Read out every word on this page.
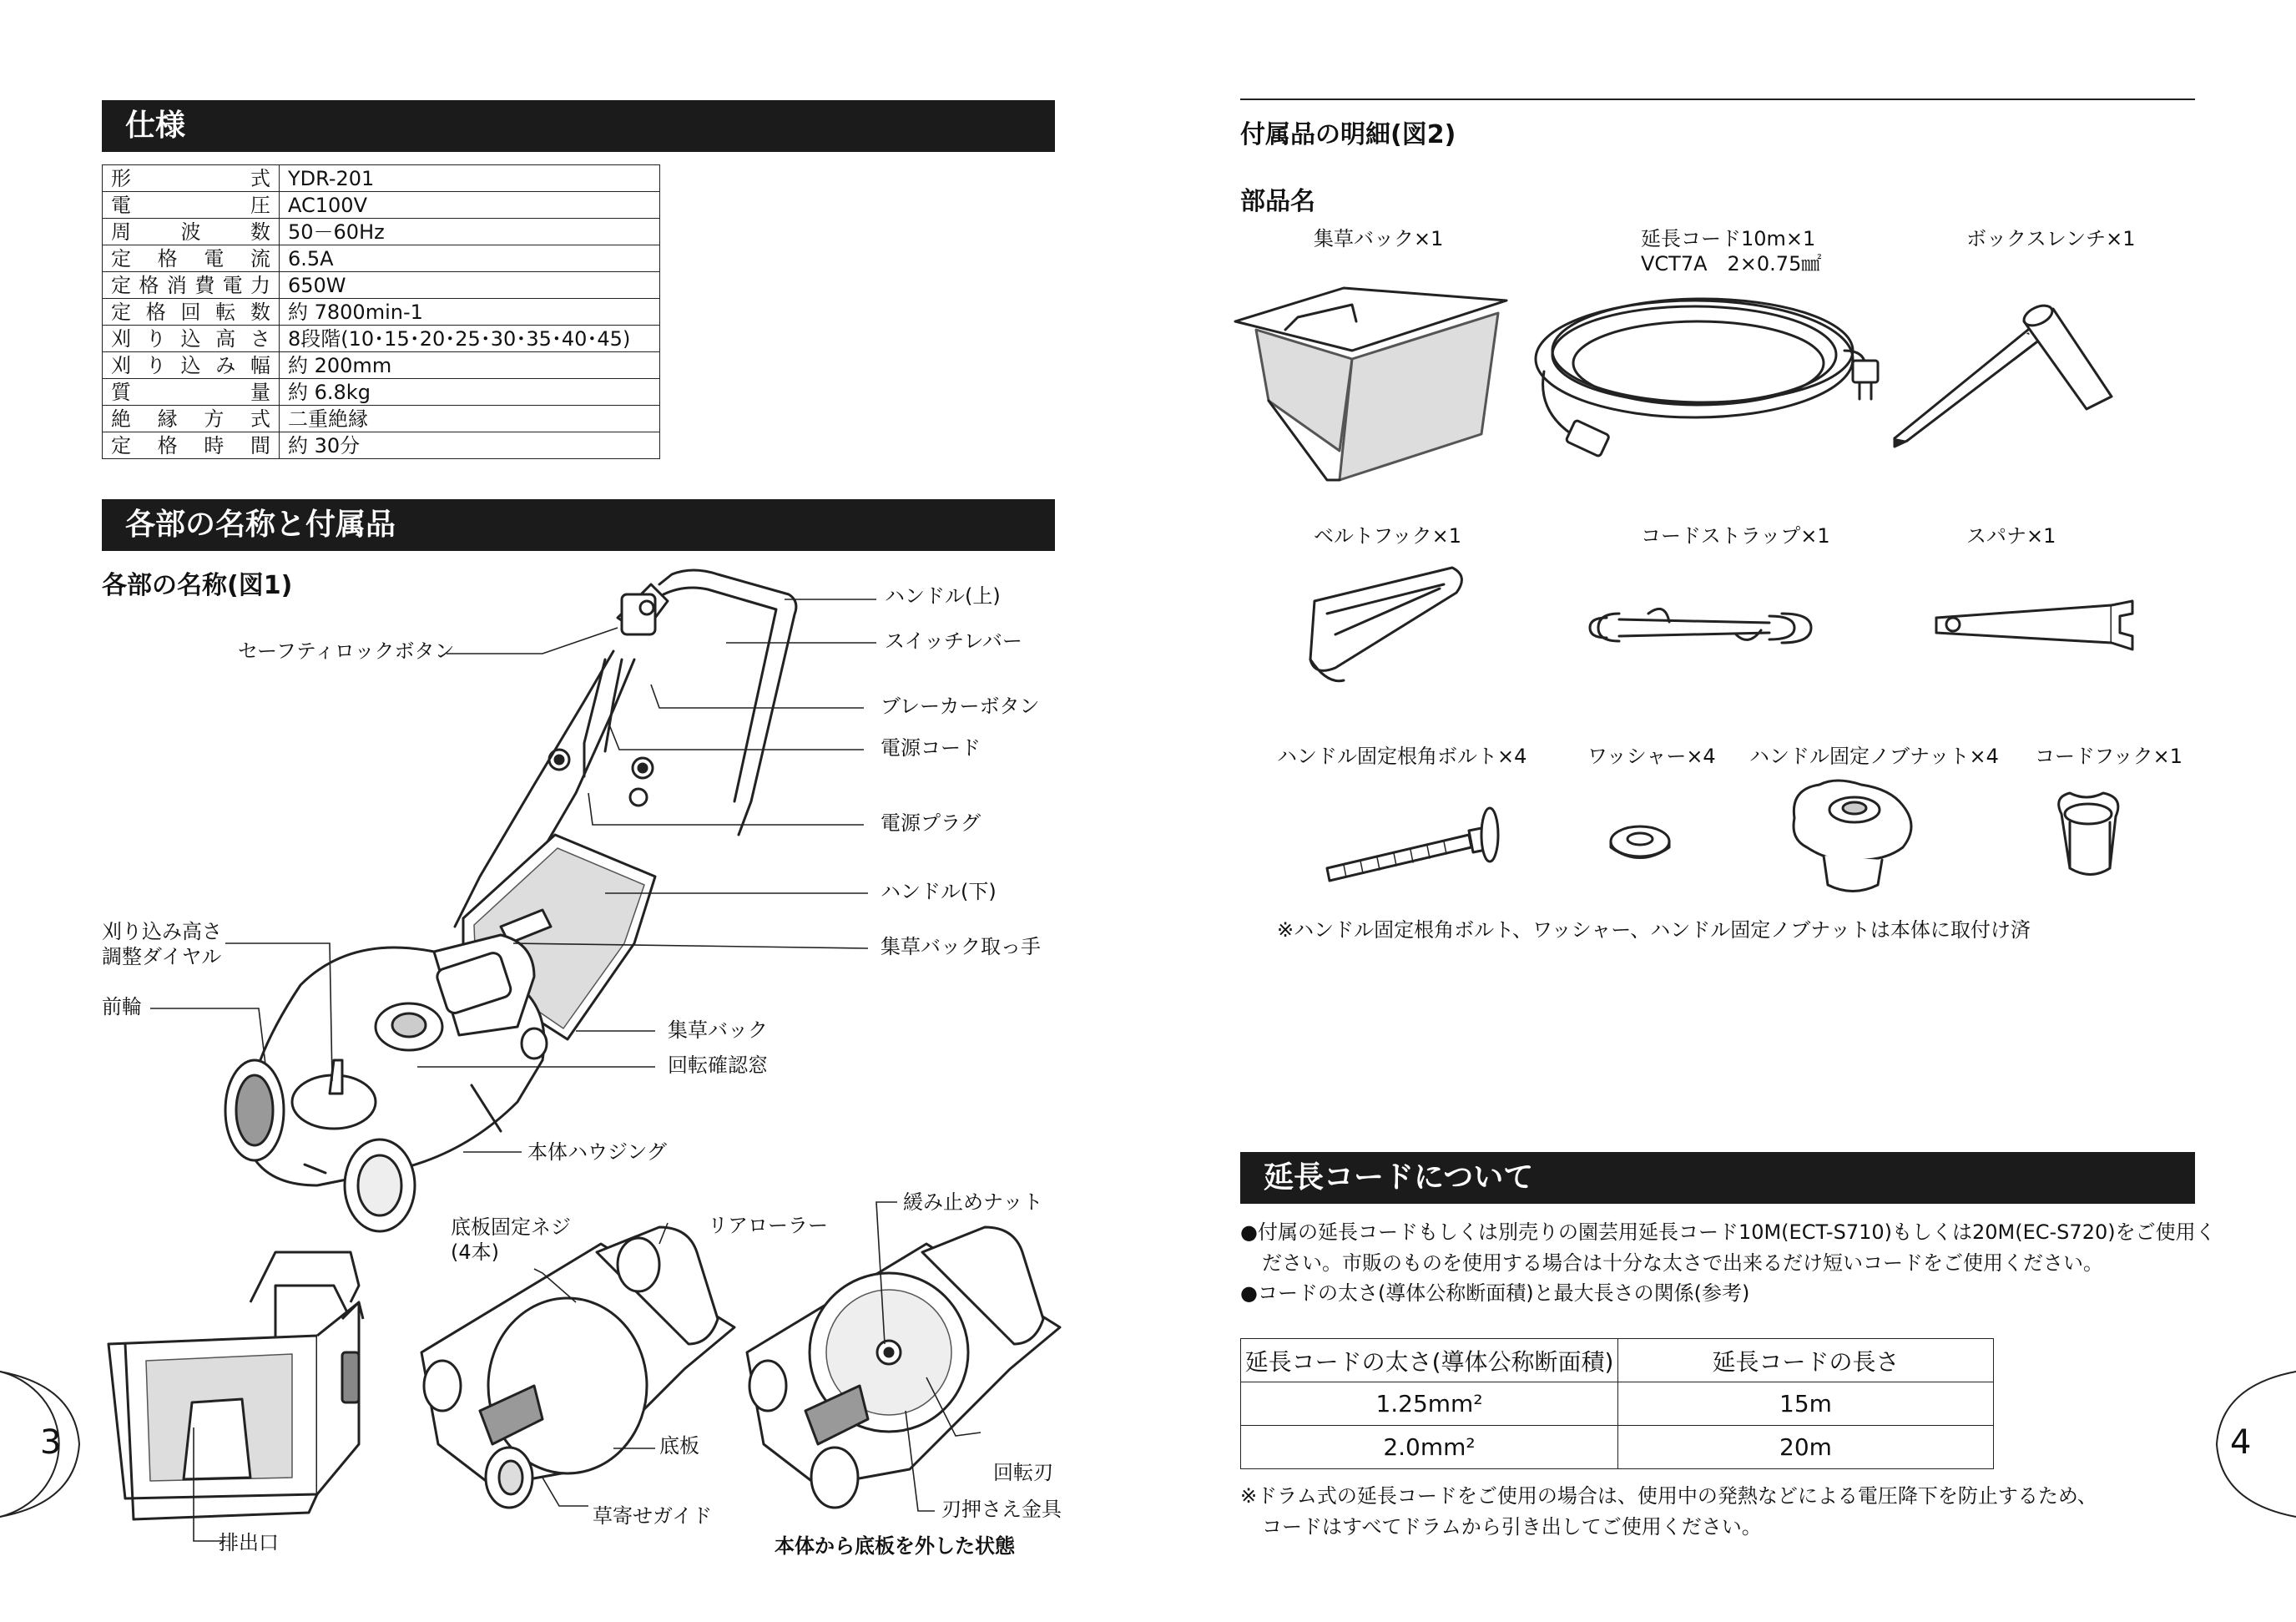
仕様
形式	YDR-201
電圧	AC100V
周波数	50－60Hz
定格電流	6.5A
定格消費電力	650W
定格回転数	約 7800min-1
刈り込高さ	8段階(10･15･20･25･30･35･40･45)
刈り込み幅	約 200mm
質量	約 6.8kg
絶縁方式	二重絶縁
定格時間	約 30分
各部の名称と付属品
各部の名称(図1)	ハンドル(上)
スイッチレバー
セーフティロックボタン
ブレーカーボタン
電源コード
電源プラグ
ハンドル(下)
集草バック取っ手
刈り込み高さ
調整ダイヤル
前輪
集草バック
回転確認窓
本体ハウジング
底板固定ネジ
(4本)
リアローラー
緩み止めナット
底板
回転刃
刃押さえ金具
草寄せガイド
排出口	本体から底板を外した状態
3
付属品の明細(図2)
部品名
集草バック×1	延長コード10m×1
VCT7A　2×0.75㎟
ボックスレンチ×1
ベルトフック×1	コードストラップ×1	スパナ×1
ハンドル固定根角ボルト×4	ワッシャー×4 ハンドル固定ノブナット×4 コードフック×1
※ハンドル固定根角ボルト、ワッシャー、ハンドル固定ノブナットは本体に取付け済
延長コードについて
●付属の延長コードもしくは別売りの園芸用延長コード10M(ECT-S710)もしくは20M(EC-S720)をご使用く
ださい。市販のものを使用する場合は十分な太さで出来るだけ短いコードをご使用ください。
●コードの太さ(導体公称断面積)と最大長さの関係(参考)
延長コードの太さ(導体公称断面積)	延長コードの長さ
1.25mm²	15m
2.0mm²	20m
※ドラム式の延長コードをご使用の場合は、使用中の発熱などによる電圧降下を防止するため、
コードはすべてドラムから引き出してご使用ください。
4
